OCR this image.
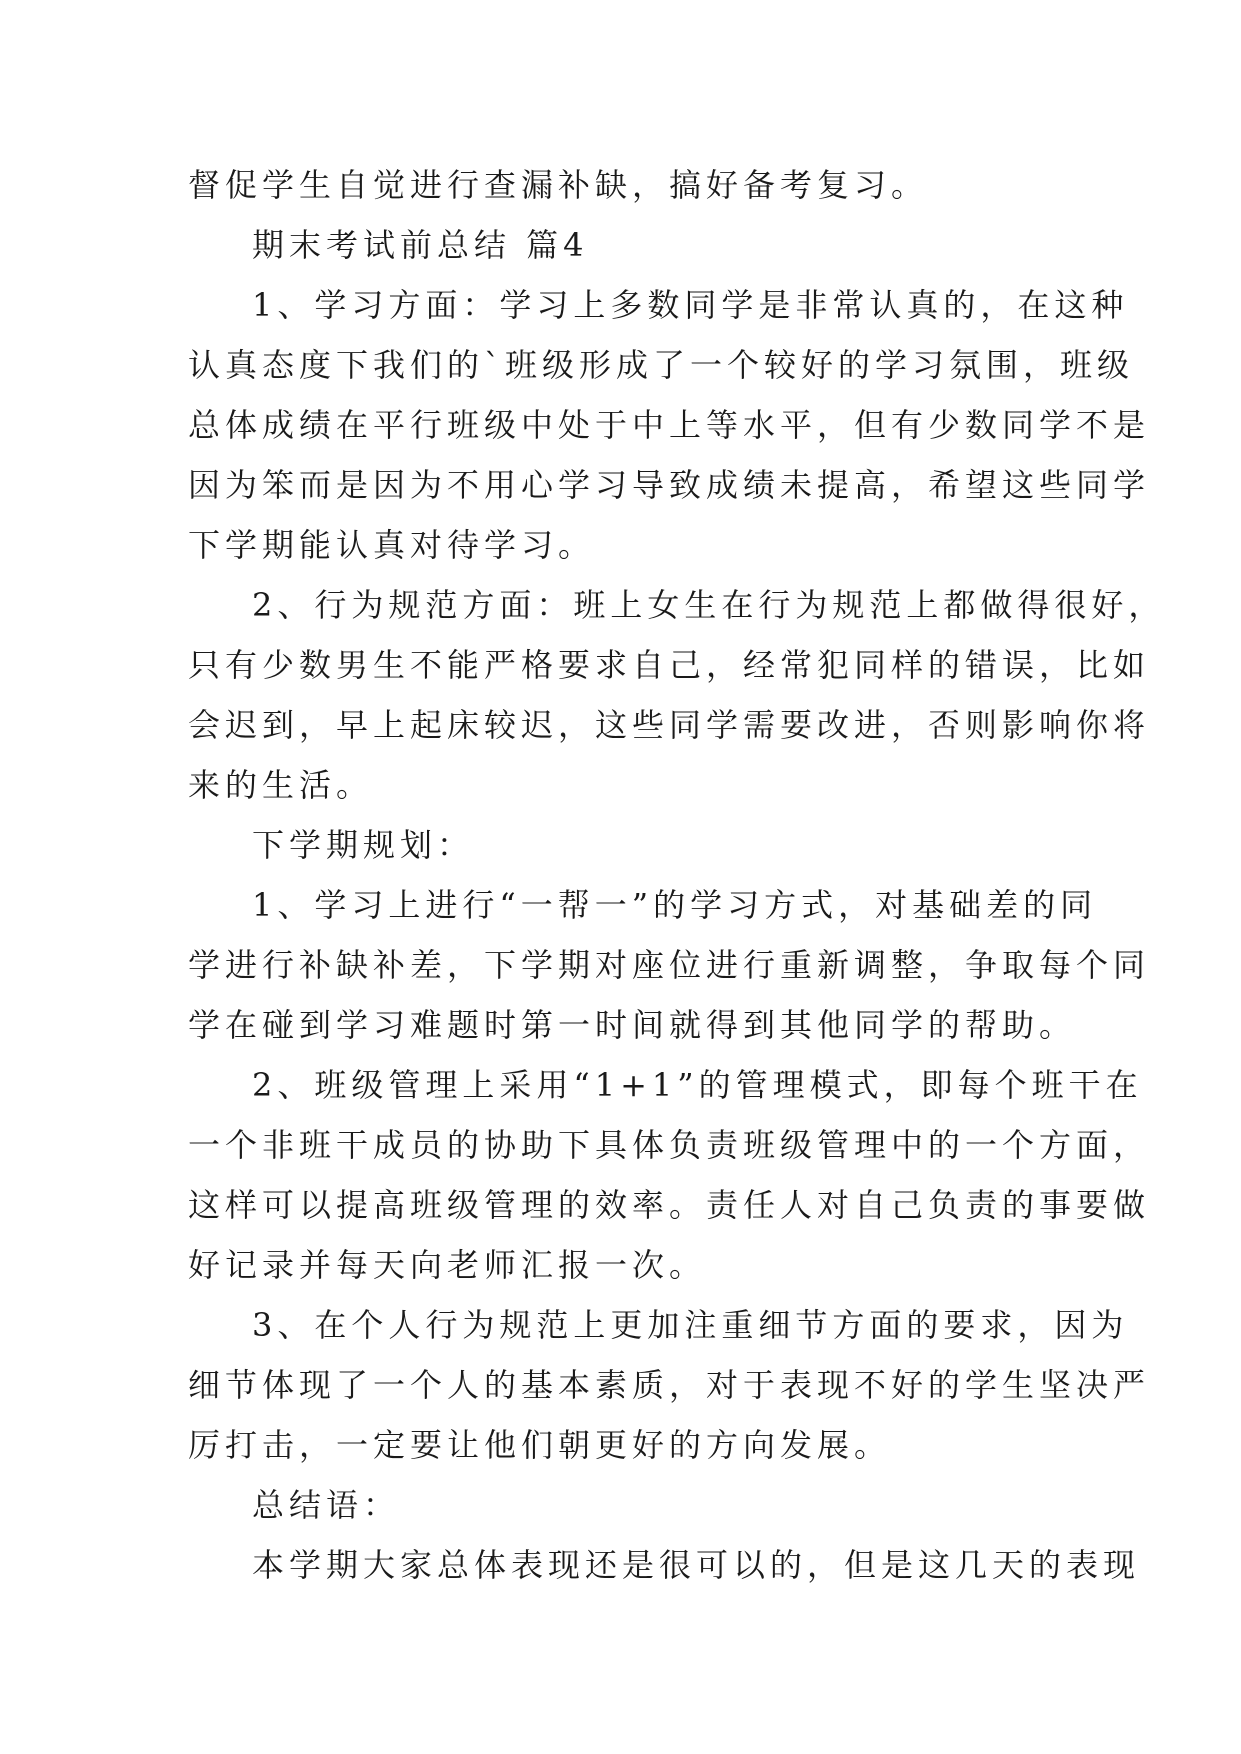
督促学生自觉进行查漏补缺，搞好备考复习。
期末考试前总结 篇4
1、学习方面：学习上多数同学是非常认真的，在这种
认真态度下我们的`班级形成了一个较好的学习氛围，班级
总体成绩在平行班级中处于中上等水平，但有少数同学不是
因为笨而是因为不用心学习导致成绩未提高，希望这些同学
下学期能认真对待学习。
2、行为规范方面：班上女生在行为规范上都做得很好，
只有少数男生不能严格要求自己，经常犯同样的错误，比如
会迟到，早上起床较迟，这些同学需要改进，否则影响你将
来的生活。
下学期规划：
1、学习上进行“一帮一”的学习方式，对基础差的同
学进行补缺补差，下学期对座位进行重新调整，争取每个同
学在碰到学习难题时第一时间就得到其他同学的帮助。
2、班级管理上采用“1+1”的管理模式，即每个班干在
一个非班干成员的协助下具体负责班级管理中的一个方面，
这样可以提高班级管理的效率。责任人对自己负责的事要做
好记录并每天向老师汇报一次。
3、在个人行为规范上更加注重细节方面的要求，因为
细节体现了一个人的基本素质，对于表现不好的学生坚决严
厉打击，一定要让他们朝更好的方向发展。
总结语：
本学期大家总体表现还是很可以的，但是这几天的表现
